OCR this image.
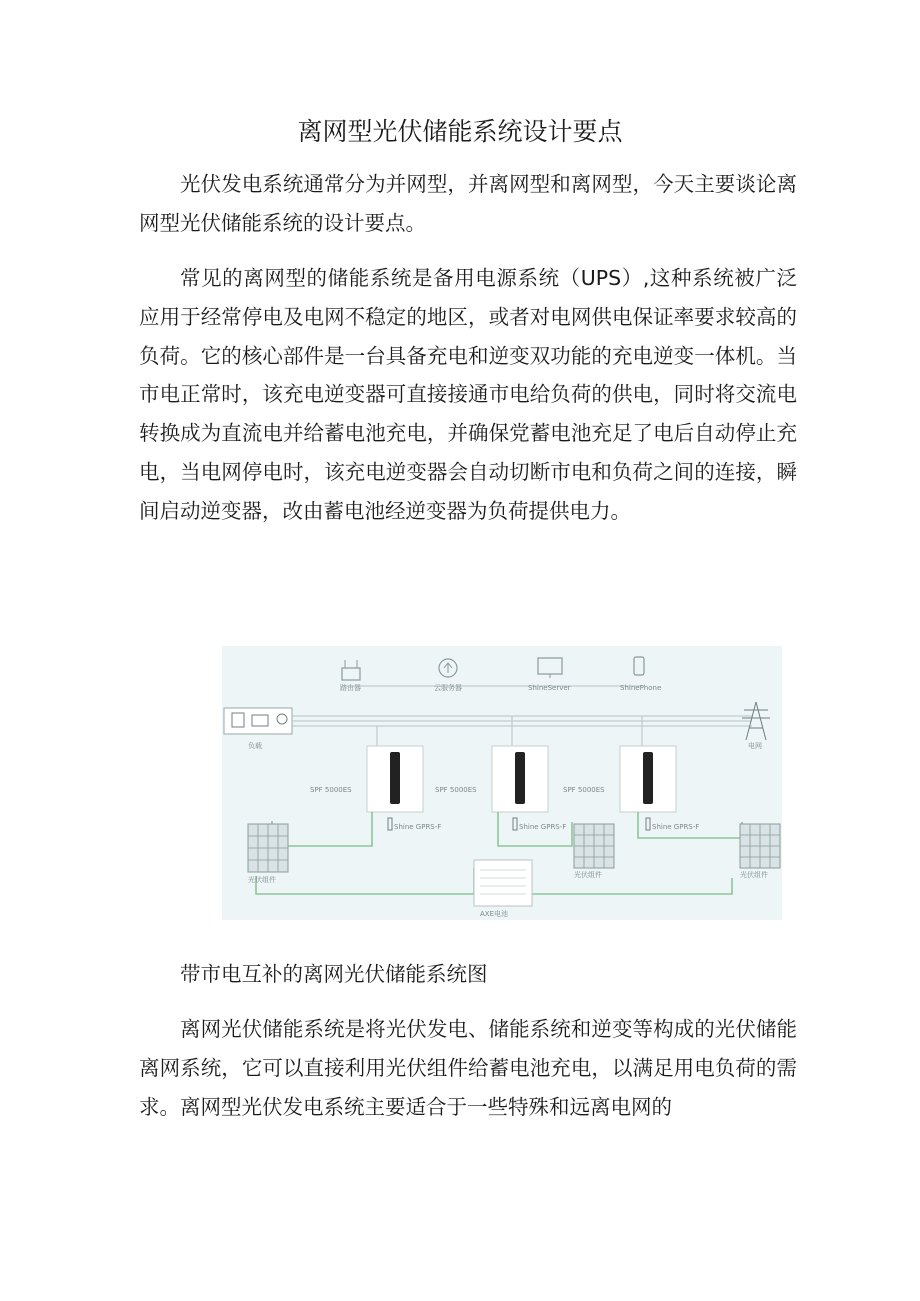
离网型光伏储能系统设计要点

光伏发电系统通常分为并网型，并离网型和离网型，今天主要谈论离网型光伏储能系统的设计要点。

常见的离网型的储能系统是备用电源系统（UPS）,这种系统被广泛应用于经常停电及电网不稳定的地区，或者对电网供电保证率要求较高的负荷。它的核心部件是一台具备充电和逆变双功能的充电逆变一体机。当市电正常时，该充电逆变器可直接接通市电给负荷的供电，同时将交流电转换成为直流电并给蓄电池充电，并确保党蓄电池充足了电后自动停止充电，当电网停电时，该充电逆变器会自动切断市电和负荷之间的连接，瞬间启动逆变器，改由蓄电池经逆变器为负荷提供电力。

路由器	云服务器	ShineServer	ShinePhone
负载	电网
SPF 5000ES	SPF 5000ES	SPF 5000ES
Shine GPRS-F	Shine GPRS-F	Shine GPRS-F
光伏组件
光伏组件	光伏组件
AXE电池

带市电互补的离网光伏储能系统图

离网光伏储能系统是将光伏发电、储能系统和逆变等构成的光伏储能离网系统，它可以直接利用光伏组件给蓄电池充电，以满足用电负荷的需求。离网型光伏发电系统主要适合于一些特殊和远离电网的
